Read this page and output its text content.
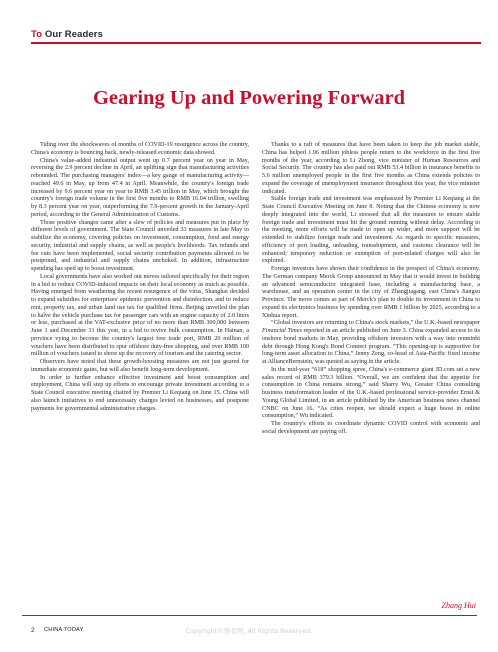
To Our Readers
Gearing Up and Powering Forward

Tiding over the shockwaves of months of COVID-19 resurgence across the country, China's economy is bouncing back, newly-released economic data showed.

China's value-added industrial output went up 0.7 percent year on year in May, reversing the 2.9 percent decline in April, an uplifting sign that manufacturing activities rebounded. The purchasing managers' index—a key gauge of manufacturing activity—reached 49.6 in May, up from 47.4 in April. Meanwhile, the country's foreign trade increased by 9.6 percent year on year to RMB 3.45 trillion in May, which brought the country's foreign trade volume in the first five months to RMB 16.04 trillion, swelling by 8.3 percent year on year, outperforming the 7.9-percent growth in the January-April period, according to the General Administration of Customs.

Those positive changes came after a slew of policies and measures put in place by different levels of government. The State Council unveiled 33 measures in late May to stabilize the economy, covering policies on investment, consumption, food and energy security, industrial and supply chains, as well as people's livelihoods. Tax refunds and fee cuts have been implemented, social security contribution payments allowed to be postponed, and industrial and supply chains unchoked. In addition, infrastructure spending has sped up to boost investment.

Local governments have also worked out moves tailored specifically for their region in a bid to reduce COVID-induced impacts on their local economy as much as possible. Having emerged from weathering the recent resurgence of the virus, Shanghai decided to expand subsidies for enterprises' epidemic prevention and disinfection, and to reduce rent, property tax, and urban land use tax for qualified firms. Beijing unveiled the plan to halve the vehicle purchase tax for passenger cars with an engine capacity of 2.0 liters or less, purchased at the VAT-exclusive price of no more than RMB 300,000 between June 1 and December 31 this year, in a bid to revive bulk consumption. In Hainan, a province vying to become the country's largest free trade port, RMB 20 million of vouchers have been distributed to spur offshore duty-free shopping, and over RMB 100 million of vouchers issued to shore up the recovery of tourism and the catering sector.

Observers have noted that these growth-boosting measures are not just geared for immediate economic gains, but will also benefit long-term development.

In order to further enhance effective investment and boost consumption and employment, China will step up efforts to encourage private investment according to a State Council executive meeting chaired by Premier Li Keqiang on June 15. China will also launch initiatives to end unnecessary charges levied on businesses, and postpone payments for governmental administrative charges.

Thanks to a raft of measures that have been taken to keep the job market stable, China has helped 1.96 million jobless people return to the workforce in the first five months of the year, according to Li Zhong, vice minister of Human Resources and Social Security. The country has also paid out RMB 53.4 billion in insurance benefits to 5.6 million unemployed people in the first five months as China extends policies to expand the coverage of unemployment insurance throughout this year, the vice minister indicated.

Stable foreign trade and investment was emphasized by Premier Li Keqiang at the State Council Executive Meeting on June 8. Noting that the Chinese economy is now deeply integrated into the world, Li stressed that all the measures to ensure stable foreign trade and investment must hit the ground running without delay. According to the meeting, more efforts will be made to open up wider, and more support will be extended to stabilize foreign trade and investment. As regards to specific measures, efficiency of port loading, unloading, transshipment, and customs clearance will be enhanced; temporary reduction or exemption of port-related charges will also be explored.

Foreign investors have shown their confidence in the prospect of China's economy. The German company Merck Group announced in May that it would invest in building an advanced semiconductor integrated base, including a manufacturing base, a warehouse, and an operation center in the city of Zhangjiagang, east China's Jiangsu Province. The move comes as part of Merck's plan to double its investment in China to expand its electronics business by spending over RMB 1 billion by 2025, according to a Xinhua report.

“Global investors are returning to China's stock markets,” the U.K.-based newspaper Financial Times reported in an article published on June 3. China expanded access to its onshore bond markets in May, providing offshore investors with a way into renminbi debt through Hong Kong's Bond Connect program. “This opening-up is supportive for long-term asset allocation to China,” Jenny Zeng, co-head of Asia-Pacific fixed income at AllianceBernstein, was quoted as saying in the article.

In the mid-year “618” shopping spree, China's e-commerce giant JD.com set a new sales record of RMB 379.3 billion. “Overall, we are confident that the appetite for consumption in China remains strong,” said Sharry Wu, Greater China consulting business transformation leader of the U.K.-based professional service-provider Ernst & Young Global Limited, in an article published by the American business news channel CNBC on June 16. “As cities reopen, we should expect a huge boost in online consumption,” Wu indicated.

The country's efforts to coordinate dynamic COVID control with economic and social development are paying off.

Zhang Hui
2 CHINA TODAY	Copyright©博看网. All Rights Reserved.
